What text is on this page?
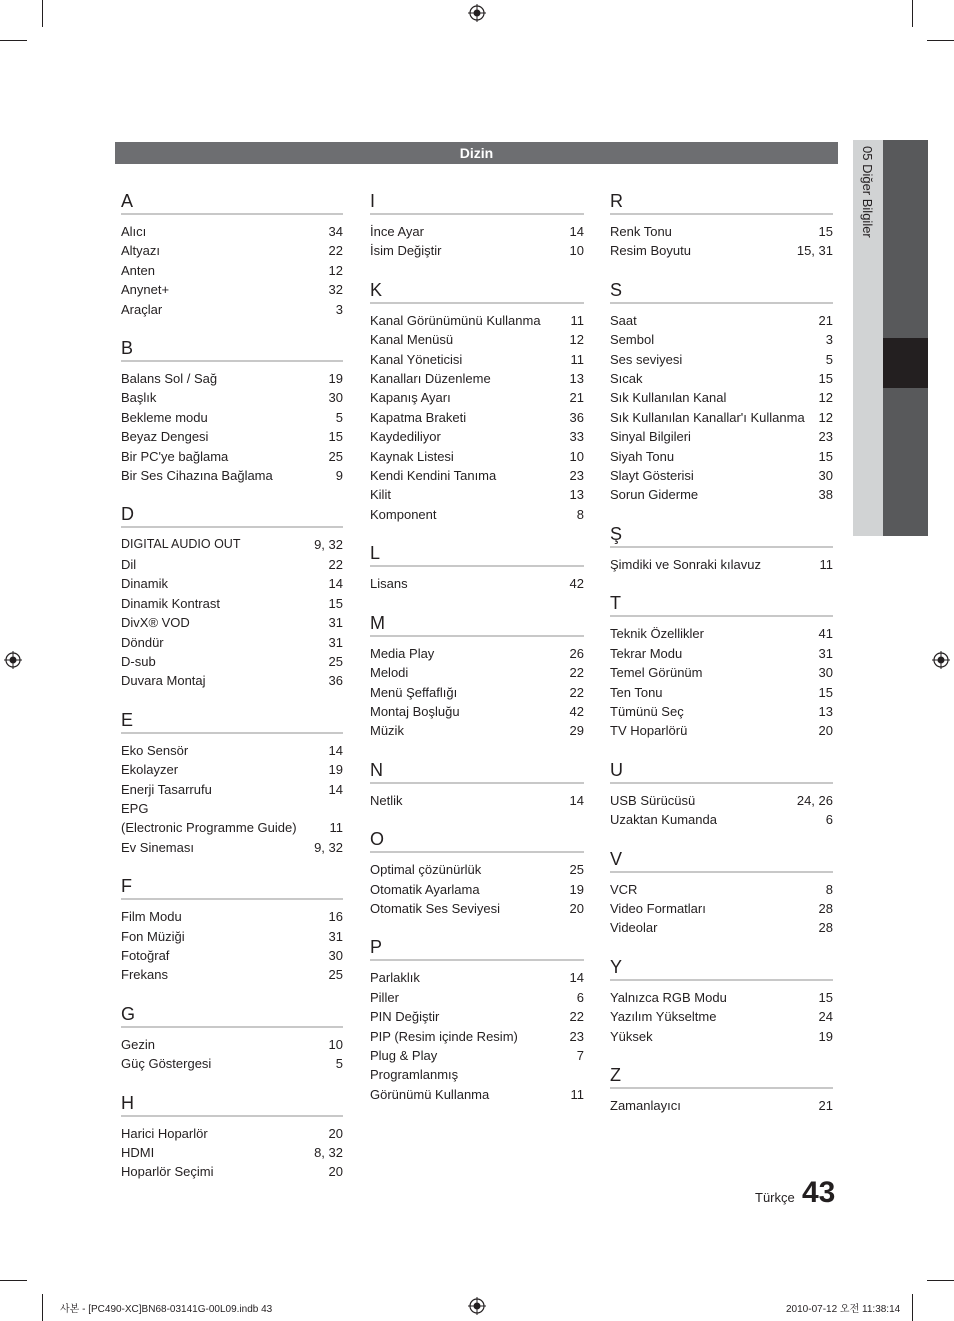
Dizin	05 Diğer Bilgiler
A
Alıcı	34
Altyazı	22
Anten	12
Anynet+	32
Araçlar	3
B
Balans Sol / Sağ	19
Başlık	30
Bekleme modu	5
Beyaz Dengesi	15
Bir PC'ye bağlama	25
Bir Ses Cihazına Bağlama	9
D
DIGITAL AUDIO OUT	9, 32
Dil	22
Dinamik	14
Dinamik Kontrast	15
DivX® VOD	31
Döndür	31
D-sub	25
Duvara Montaj	36
E
Eko Sensör	14
Ekolayzer	19
Enerji Tasarrufu	14
EPG
(Electronic Programme Guide)	11
Ev Sineması	9, 32
F
Film Modu	16
Fon Müziği	31
Fotoğraf	30
Frekans	25
G
Gezin	10
Güç Göstergesi	5
H
Harici Hoparlör	20
HDMI	8, 32
Hoparlör Seçimi	20
I
İnce Ayar	14
İsim Değiştir	10
K
Kanal Görünümünü Kullanma	11
Kanal Menüsü	12
Kanal Yöneticisi	11
Kanalları Düzenleme	13
Kapanış Ayarı	21
Kapatma Braketi	36
Kaydediliyor	33
Kaynak Listesi	10
Kendi Kendini Tanıma	23
Kilit	13
Komponent	8
L
Lisans	42
M
Media Play	26
Melodi	22
Menü Şeffaflığı	22
Montaj Boşluğu	42
Müzik	29
N
Netlik	14
O
Optimal çözünürlük	25
Otomatik Ayarlama	19
Otomatik Ses Seviyesi	20
P
Parlaklık	14
Piller	6
PIN Değiştir	22
PIP (Resim içinde Resim)	23
Plug & Play	7
Programlanmış
Görünümü Kullanma	11
R
Renk Tonu	15
Resim Boyutu	15, 31
S
Saat	21
Sembol	3
Ses seviyesi	5
Sıcak	15
Sık Kullanılan Kanal	12
Sık Kullanılan Kanallar'ı Kullanma	12
Sinyal Bilgileri	23
Siyah Tonu	15
Slayt Gösterisi	30
Sorun Giderme	38
Ş
Şimdiki ve Sonraki kılavuz	11
T
Teknik Özellikler	41
Tekrar Modu	31
Temel Görünüm	30
Ten Tonu	15
Tümünü Seç	13
TV Hoparlörü	20
U
USB Sürücüsü	24, 26
Uzaktan Kumanda	6
V
VCR	8
Video Formatları	28
Videolar	28
Y
Yalnızca RGB Modu	15
Yazılım Yükseltme	24
Yüksek	19
Z
Zamanlayıcı	21
Türkçe 43
사본 - [PC490-XC]BN68-03141G-00L09.indb 43	2010-07-12 오전 11:38:14
